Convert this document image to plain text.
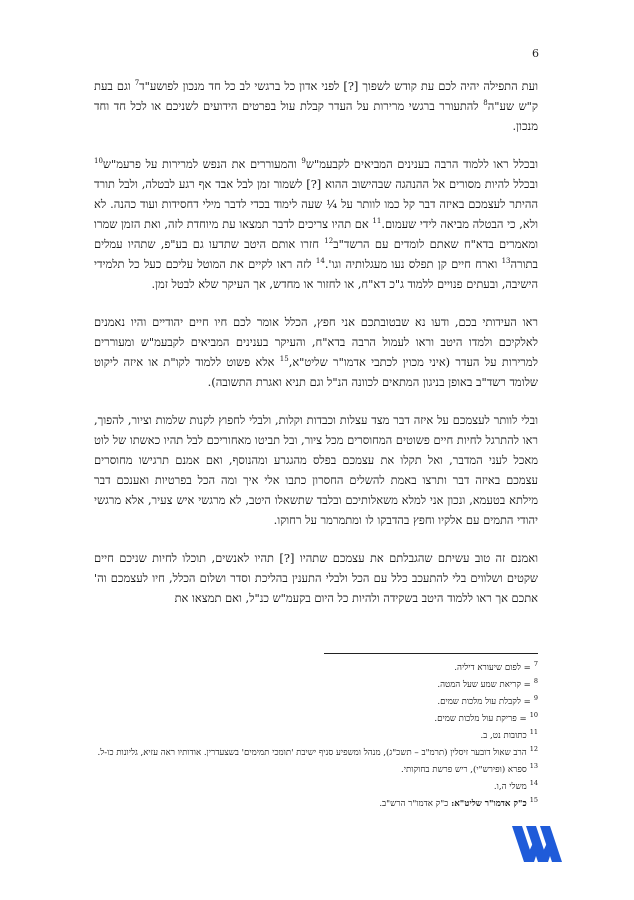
6

ועת התפילה יהיה לכם עת קודש לשפוך [?] לפני אדון כל ברגשי לב כל חד מנכון לפושע"ד$^7$ וגם בעת ק"ש שע"ה$^8$ להתעורר ברגשי מרירות על העדר קבלת עול בפרטים הידועים לשניכם או לכל חד וחד מנכון.

ובכלל ראו ללמוד הרבה בענינים המביאים לקבעמ"ש$^9$ והמעוררים את הנפש למרירות על פרעמ"ש$^{10}$ ובכלל להיות מסורים אל ההנהגה שבהישוב ההוא [?] לשמור זמן לבל אבד אף רגע לבטלה, ולבל תורד ההיתר לעצמכם באיזה דבר קל כמו לוותר על ¼ שעה לימוד בכדי לדבר מילי דחסידות ועוד כהנה. לא ולא, כי הבטלה מביאה לידי שעמום.$^{11}$ אם תהיו צריכים לדבר תמצאו עת מיוחדת לזה, ואת הזמן שמרו ומאמרים בדא"ח שאתם לומדים עם הרשד"ב$^{12}$ חזרו אותם היטב שתדעו גם בע"פ, שתהיו עמלים בתורה$^{13}$ וארח חיים קן תפלס נעו מעגלותיה וגו'.$^{14}$ לזה ראו לקיים את המוטל עליכם כעל כל תלמידי הישיבה, ובעתים פנויים ללמוד ג"כ דא"ח, או לחזור או מחדש, אך העיקר שלא לבטל זמן.

ראו העידותי בכם, ודעו נא שבטובתכם אני חפץ, הכלל אומר לכם חיו חיים יהודיים והיו נאמנים לאלקיכם ולמדו היטב וראו לעמול הרבה בדא"ח, והעיקר בענינים המביאים לקבעמ"ש ומעוררים למרירות על העדר (איני מכוין לכתבי אדמו"ר שליט"א,$^{15}$ אלא פשוט ללמוד לקו"ת או איזה ליקוט שלומד רשד"ב באופן בניגון המתאים לכוונה הנ"ל וגם תניא ואגרת התשובה).

ובלי לוותר לעצמכם על איזה דבר מצד עצלות וכבדות וקלות, ולבלי לחפוץ לקנות שלמות וציור, להפוך, ראו להתרגל לחיות חיים פשוטים המחוסרים מכל ציור, ובל תביטו מאחוריכם לבל תהיו כאשתו של לוט מאכל לעני המדבר, ואל תקלו את עצמכם בפלס מהגגרע ומהנוסף, ואם אמנם תרגישו מחוסרים עצמכם באיזה דבר ותרצו באמת להשלים החסרון כתבו אלי איך ומה הכל בפרטיות ואענכם דבר מילתא בטעמא, ונכון אני למלא משאלותיכם ובלבד שתשאלו היטב, לא מרגשי איש צעיר, אלא מרגשי יהודי התמים עם אלקיו וחפץ בהדבקו לו ומתמרמר על רחוקו.

ואמנם זה טוב עשיתם שהגבלתם את עצמכם שתהיו [?] תהיו לאנשים, תוכלו לחיות שניכם חיים שקטים ושלווים בלי להתעכב כלל עם הכל ולבלי התענין בהליכת וסדר ושלום הכלל, חיו לעצמכם וה' אתכם אך ראו ללמוד היטב בשקידה ולהיות כל היום בקעמ"ש כנ"ל, ואם תמצאו את

$^7$= לפום שיעורא דיליה.
$^8$= קריאת שמע שעל המטה.
$^9$= לקבלת עול מלכות שמים.
$^{10}$= פריקת עול מלכות שמים.
$^{11}$כתובות נט, ב.
$^{12}$הרב שאול דובער זיסלין (תרמ"ב – תשכ"ג), מנהל ומשפיע סניף ישיבת 'תומכי תמימים' בשצעדרין. אודותיו ראה עזיא, גליונות כו-ל.
$^{13}$ספרא (ופירש"י), ריש פרשת בחוקותי.
$^{14}$משלי ה,ו.
$^{15}$כ"ק אדמו"ר שליט"א: כ"ק אדמו"ר הרש"ב.
